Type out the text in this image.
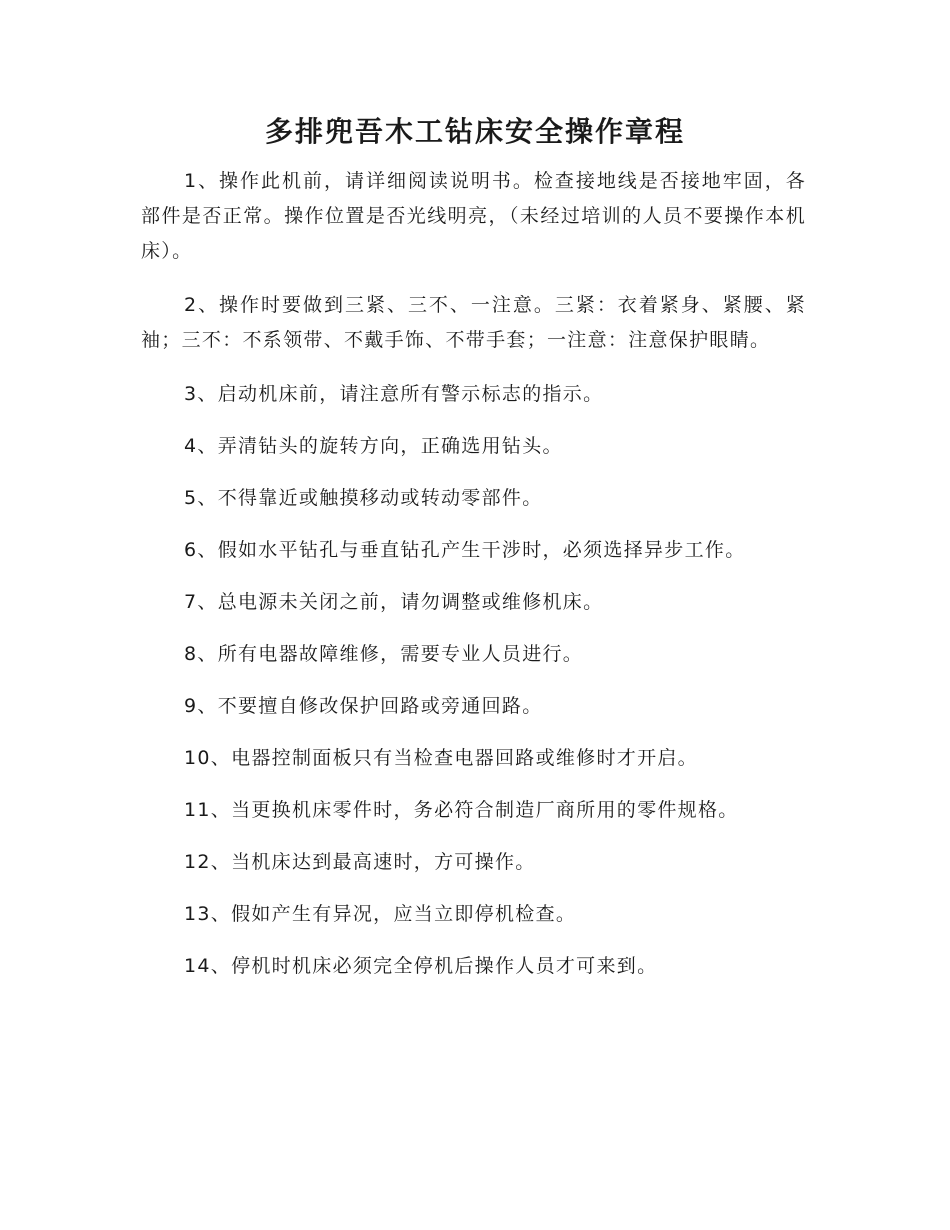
多排兜吾木工钻床安全操作章程

1、操作此机前，请详细阅读说明书。检查接地线是否接地牢固，各部件是否正常。操作位置是否光线明亮，（未经过培训的人员不要操作本机床）。

2、操作时要做到三紧、三不、一注意。三紧：衣着紧身、紧腰、紧袖；三不：不系领带、不戴手饰、不带手套；一注意：注意保护眼睛。

3、启动机床前，请注意所有警示标志的指示。

4、弄清钻头的旋转方向，正确选用钻头。

5、不得靠近或触摸移动或转动零部件。

6、假如水平钻孔与垂直钻孔产生干涉时，必须选择异步工作。

7、总电源未关闭之前，请勿调整或维修机床。

8、所有电器故障维修，需要专业人员进行。

9、不要擅自修改保护回路或旁通回路。

10、电器控制面板只有当检查电器回路或维修时才开启。

11、当更换机床零件时，务必符合制造厂商所用的零件规格。

12、当机床达到最高速时，方可操作。

13、假如产生有异况，应当立即停机检查。

14、停机时机床必须完全停机后操作人员才可来到。
